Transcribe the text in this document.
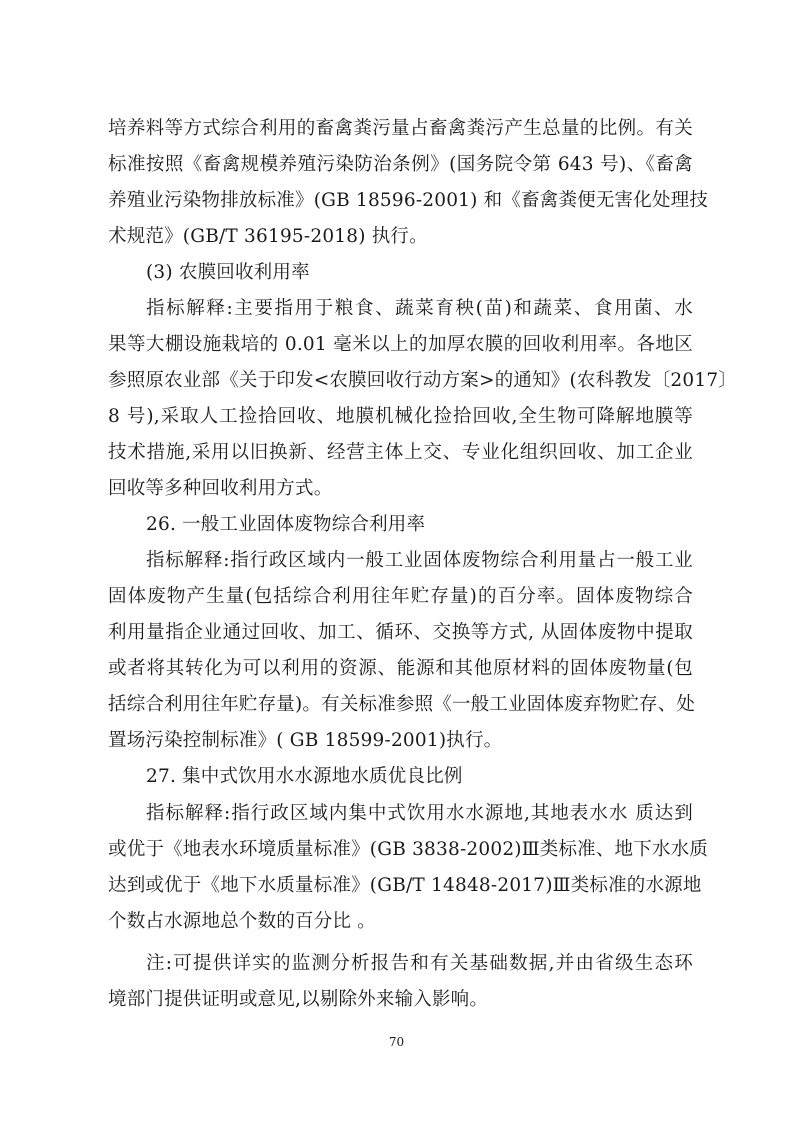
培养料等方式综合利用的畜禽粪污量占畜禽粪污产生总量的比例。有关
标准按照《畜禽规模养殖污染防治条例》(国务院令第 643 号)、《畜禽
养殖业污染物排放标准》(GB 18596-2001) 和《畜禽粪便无害化处理技
术规范》(GB/T 36195-2018) 执行。
(3) 农膜回收利用率
指标解释:主要指用于粮食、蔬菜育秧(苗)和蔬菜、食用菌、水
果等大棚设施栽培的 0.01 毫米以上的加厚农膜的回收利用率。各地区
参照原农业部《关于印发<农膜回收行动方案>的通知》(农科教发〔2017〕
8 号),采取人工捡拾回收、地膜机械化捡拾回收,全生物可降解地膜等
技术措施,采用以旧换新、经营主体上交、专业化组织回收、加工企业
回收等多种回收利用方式。
26. 一般工业固体废物综合利用率
指标解释:指行政区域内一般工业固体废物综合利用量占一般工业
固体废物产生量(包括综合利用往年贮存量)的百分率。固体废物综合
利用量指企业通过回收、加工、循环、交换等方式, 从固体废物中提取
或者将其转化为可以利用的资源、能源和其他原材料的固体废物量(包
括综合利用往年贮存量)。有关标准参照《一般工业固体废弃物贮存、处
置场污染控制标准》( GB 18599-2001)执行。
27. 集中式饮用水水源地水质优良比例
指标解释:指行政区域内集中式饮用水水源地,其地表水水 质达到
或优于《地表水环境质量标准》(GB 3838-2002)Ⅲ类标准、地下水水质
达到或优于《地下水质量标准》(GB/T 14848-2017)Ⅲ类标准的水源地
个数占水源地总个数的百分比 。
注:可提供详实的监测分析报告和有关基础数据,并由省级生态环
境部门提供证明或意见,以剔除外来输入影响。
70
